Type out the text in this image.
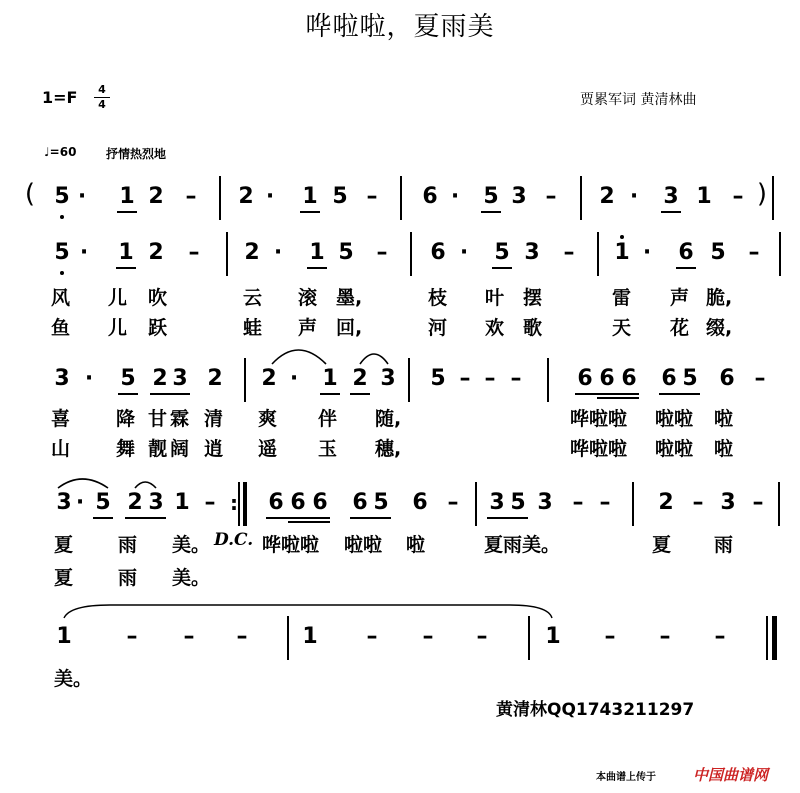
哗啦啦，夏雨美
1=F	4
4	贾累军词 黄清林曲
♩=60 抒情热烈地
( 5 · 1 2 – 2 · 1 5 – 6 · 5 3 – 2 · 3 1 – )
5 · 1 2 – 2 · 1 5 – 6 · 5 3 – 1 · 6 5 –
风 儿 吹	云 滚 墨,	枝 叶 摆	雷 声 脆,
鱼 儿 跃	蛙 声 回,	河 欢 歌	天 花 缀,
3 · 5 2 3 2 2 · 1 2 3 5 – – –	6 6 6 6 5 6 –
喜 降 甘 霖 清 爽 伴 随,	哗啦啦 啦啦 啦
山 舞 靓 阔 逍 遥 玉 穗,	哗啦啦 啦啦 啦
3 · 5 2 3 1 – : 6 6 6 6 5 6 – 3 5 3 – – 2 – 3 –
夏 雨 美。 D.C. 哗啦啦 啦啦 啦	夏雨美。	夏 雨
夏 雨 美。
1 – – – 1 – – –	1 – – –
美。
黄清林QQ1743211297
本曲谱上传于 中国曲谱网
